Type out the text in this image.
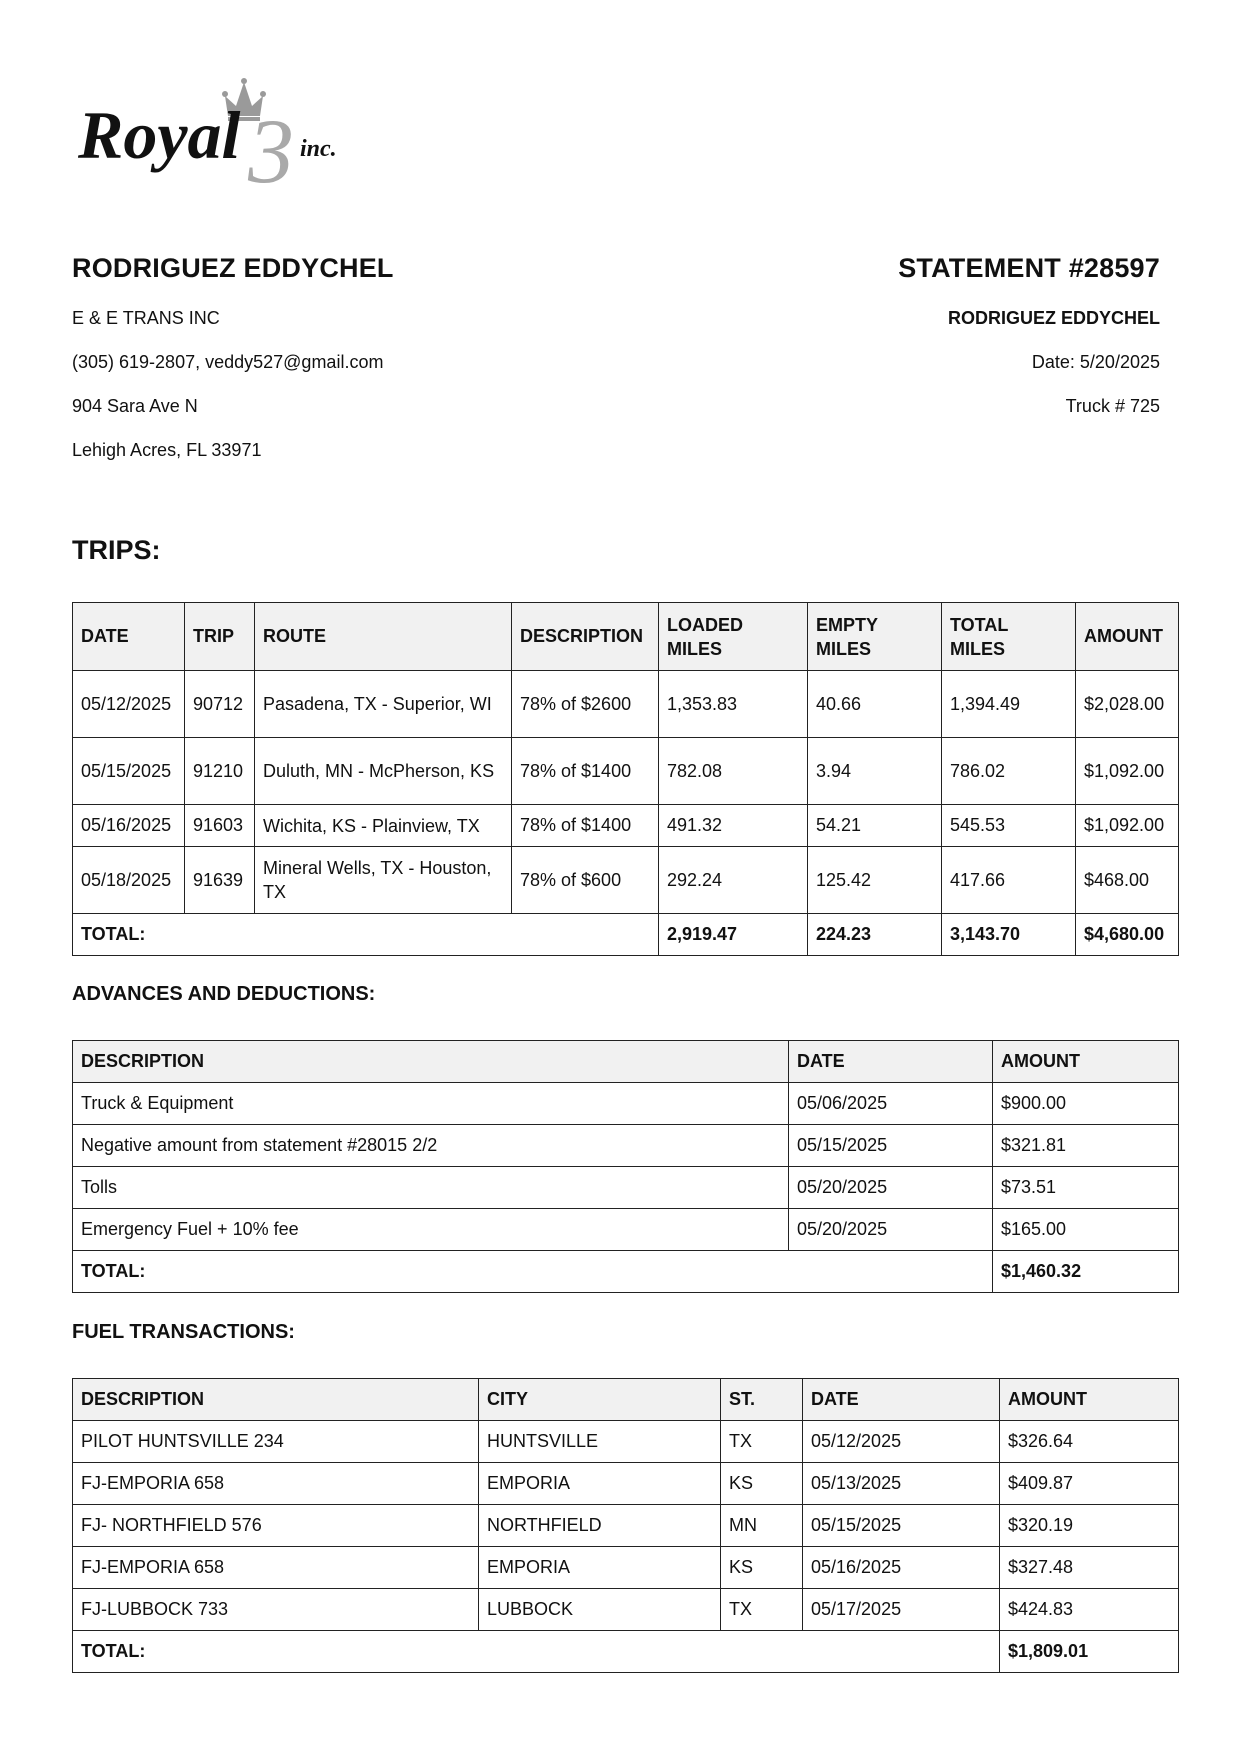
3
Royal inc.

RODRIGUEZ EDDYCHEL

E & E TRANS INC

(305) 619-2807, veddy527@gmail.com

904 Sara Ave N

Lehigh Acres, FL 33971

STATEMENT #28597

RODRIGUEZ EDDYCHEL

Date: 5/20/2025

Truck # 725

TRIPS:
DATE	TRIP	ROUTE	DESCRIPTION	LOADED MILES	EMPTY MILES	TOTAL MILES	AMOUNT
05/12/2025	90712	Pasadena, TX - Superior, WI	78% of $2600	1,353.83	40.66	1,394.49	$2,028.00
05/15/2025	91210	Duluth, MN - McPherson, KS	78% of $1400	782.08	3.94	786.02	$1,092.00
05/16/2025	91603	Wichita, KS - Plainview, TX	78% of $1400	491.32	54.21	545.53	$1,092.00
05/18/2025	91639	Mineral Wells, TX - Houston, TX	78% of $600	292.24	125.42	417.66	$468.00
TOTAL:				2,919.47	224.23	3,143.70	$4,680.00
ADVANCES AND DEDUCTIONS:
DESCRIPTION	DATE	AMOUNT
Truck & Equipment	05/06/2025	$900.00
Negative amount from statement #28015 2/2	05/15/2025	$321.81
Tolls	05/20/2025	$73.51
Emergency Fuel + 10% fee	05/20/2025	$165.00
TOTAL:		$1,460.32
FUEL TRANSACTIONS:
DESCRIPTION	CITY	ST.	DATE	AMOUNT
PILOT HUNTSVILLE 234	HUNTSVILLE	TX	05/12/2025	$326.64
FJ-EMPORIA 658	EMPORIA	KS	05/13/2025	$409.87
FJ- NORTHFIELD 576	NORTHFIELD	MN	05/15/2025	$320.19
FJ-EMPORIA 658	EMPORIA	KS	05/16/2025	$327.48
FJ-LUBBOCK 733	LUBBOCK	TX	05/17/2025	$424.83
TOTAL:				$1,809.01
